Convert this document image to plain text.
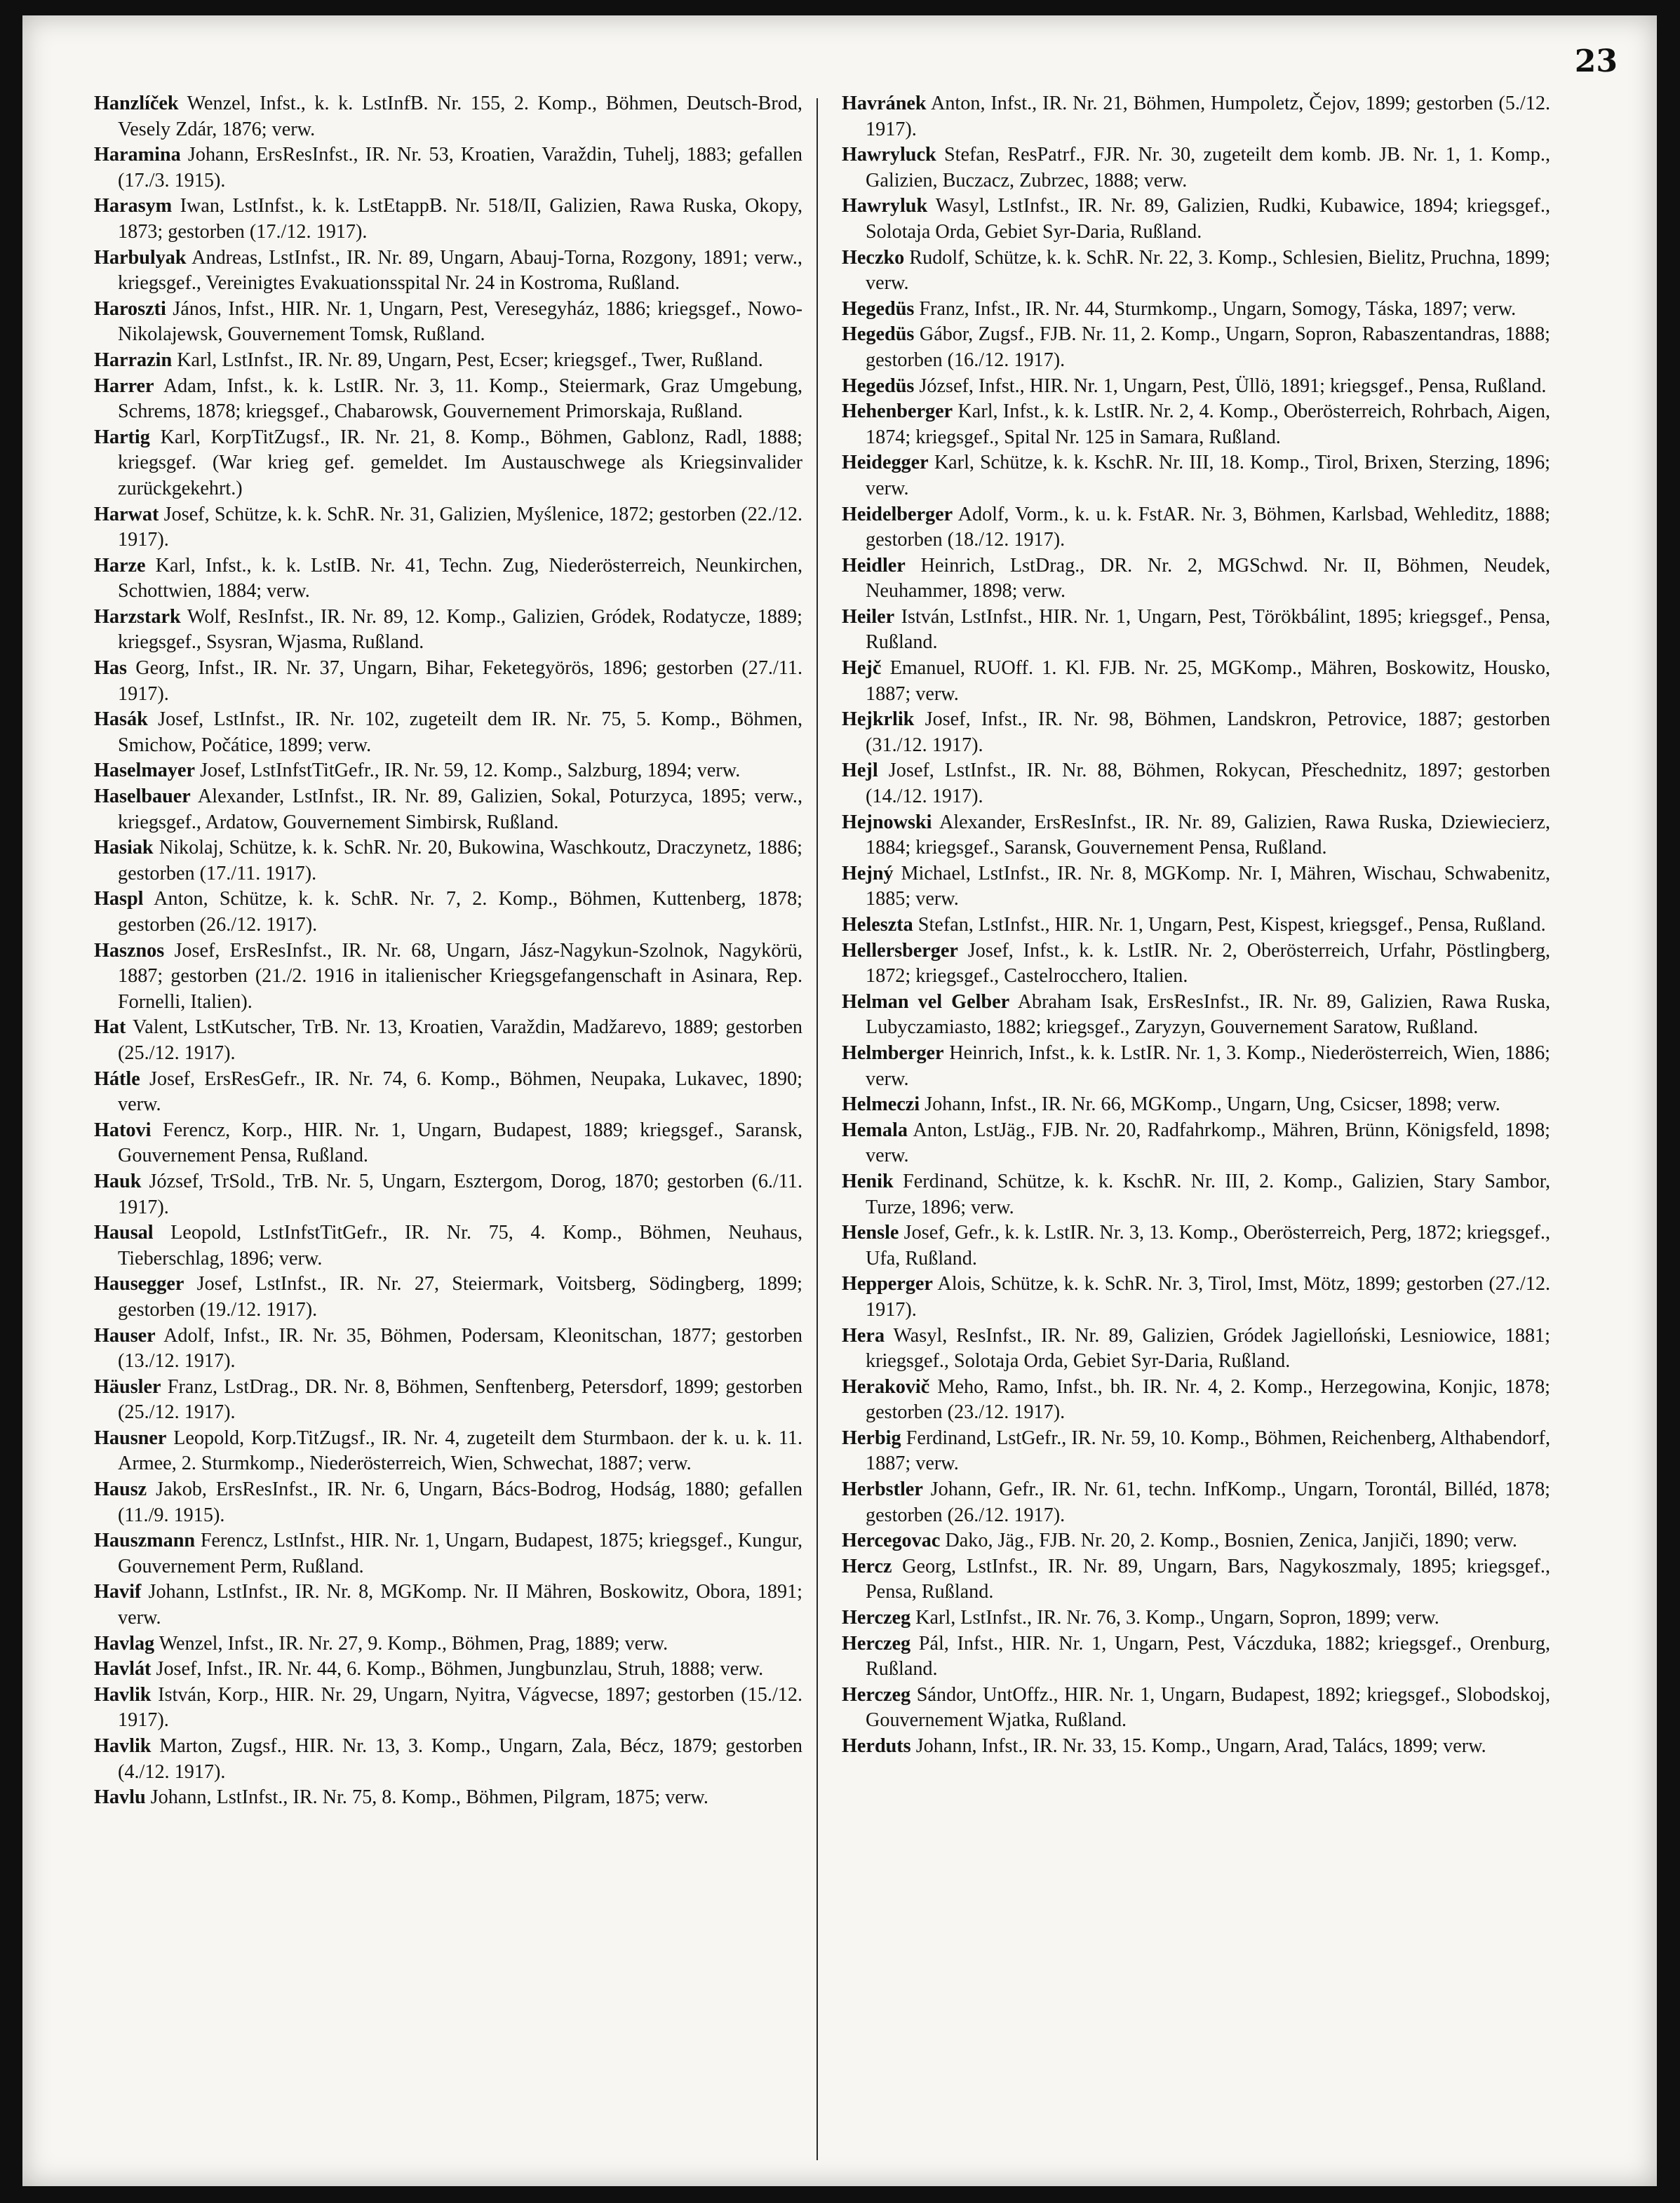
23

Hanzlíček Wenzel, Infst., k. k. LstInfB. Nr. 155, 2. Komp., Böhmen, Deutsch-Brod, Vesely Zdár, 1876; verw.

Haramina Johann, ErsResInfst., IR. Nr. 53, Kroatien, Varaždin, Tuhelj, 1883; gefallen (17./3. 1915).

Harasym Iwan, LstInfst., k. k. LstEtappB. Nr. 518/II, Galizien, Rawa Ruska, Okopy, 1873; gestorben (17./12. 1917).

Harbulyak Andreas, LstInfst., IR. Nr. 89, Ungarn, Abauj-Torna, Rozgony, 1891; verw., kriegsgef., Vereinigtes Evakuationsspital Nr. 24 in Kostroma, Rußland.

Haroszti János, Infst., HIR. Nr. 1, Ungarn, Pest, Veresegyház, 1886; kriegsgef., Nowo-Nikolajewsk, Gouvernement Tomsk, Rußland.

Harrazin Karl, LstInfst., IR. Nr. 89, Ungarn, Pest, Ecser; kriegsgef., Twer, Rußland.

Harrer Adam, Infst., k. k. LstIR. Nr. 3, 11. Komp., Steiermark, Graz Umgebung, Schrems, 1878; kriegsgef., Chabarowsk, Gouvernement Primorskaja, Rußland.

Hartig Karl, KorpTitZugsf., IR. Nr. 21, 8. Komp., Böhmen, Gablonz, Radl, 1888; kriegsgef. (War krieg gef. gemeldet. Im Austauschwege als Kriegsinvalider zurückgekehrt.)

Harwat Josef, Schütze, k. k. SchR. Nr. 31, Galizien, Myślenice, 1872; gestorben (22./12. 1917).

Harze Karl, Infst., k. k. LstIB. Nr. 41, Techn. Zug, Niederösterreich, Neunkirchen, Schottwien, 1884; verw.

Harzstark Wolf, ResInfst., IR. Nr. 89, 12. Komp., Galizien, Gródek, Rodatycze, 1889; kriegsgef., Ssysran, Wjasma, Rußland.

Has Georg, Infst., IR. Nr. 37, Ungarn, Bihar, Feketegyörös, 1896; gestorben (27./11. 1917).

Hasák Josef, LstInfst., IR. Nr. 102, zugeteilt dem IR. Nr. 75, 5. Komp., Böhmen, Smichow, Počátice, 1899; verw.

Haselmayer Josef, LstInfstTitGefr., IR. Nr. 59, 12. Komp., Salzburg, 1894; verw.

Haselbauer Alexander, LstInfst., IR. Nr. 89, Galizien, Sokal, Poturzyca, 1895; verw., kriegsgef., Ardatow, Gouvernement Simbirsk, Rußland.

Hasiak Nikolaj, Schütze, k. k. SchR. Nr. 20, Bukowina, Waschkoutz, Draczynetz, 1886; gestorben (17./11. 1917).

Haspl Anton, Schütze, k. k. SchR. Nr. 7, 2. Komp., Böhmen, Kuttenberg, 1878; gestorben (26./12. 1917).

Hasznos Josef, ErsResInfst., IR. Nr. 68, Ungarn, Jász-Nagykun-Szolnok, Nagykörü, 1887; gestorben (21./2. 1916 in italienischer Kriegsgefangenschaft in Asinara, Rep. Fornelli, Italien).

Hat Valent, LstKutscher, TrB. Nr. 13, Kroatien, Varaždin, Madžarevo, 1889; gestorben (25./12. 1917).

Hátle Josef, ErsResGefr., IR. Nr. 74, 6. Komp., Böhmen, Neupaka, Lukavec, 1890; verw.

Hatovi Ferencz, Korp., HIR. Nr. 1, Ungarn, Budapest, 1889; kriegsgef., Saransk, Gouvernement Pensa, Rußland.

Hauk József, TrSold., TrB. Nr. 5, Ungarn, Esztergom, Dorog, 1870; gestorben (6./11. 1917).

Hausal Leopold, LstInfstTitGefr., IR. Nr. 75, 4. Komp., Böhmen, Neuhaus, Tieberschlag, 1896; verw.

Hausegger Josef, LstInfst., IR. Nr. 27, Steiermark, Voitsberg, Södingberg, 1899; gestorben (19./12. 1917).

Hauser Adolf, Infst., IR. Nr. 35, Böhmen, Podersam, Kleonitschan, 1877; gestorben (13./12. 1917).

Häusler Franz, LstDrag., DR. Nr. 8, Böhmen, Senftenberg, Petersdorf, 1899; gestorben (25./12. 1917).

Hausner Leopold, Korp.TitZugsf., IR. Nr. 4, zugeteilt dem Sturmbaon. der k. u. k. 11. Armee, 2. Sturmkomp., Niederösterreich, Wien, Schwechat, 1887; verw.

Hausz Jakob, ErsResInfst., IR. Nr. 6, Ungarn, Bács-Bodrog, Hodság, 1880; gefallen (11./9. 1915).

Hauszmann Ferencz, LstInfst., HIR. Nr. 1, Ungarn, Budapest, 1875; kriegsgef., Kungur, Gouvernement Perm, Rußland.

Havif Johann, LstInfst., IR. Nr. 8, MGKomp. Nr. II Mähren, Boskowitz, Obora, 1891; verw.

Havlag Wenzel, Infst., IR. Nr. 27, 9. Komp., Böhmen, Prag, 1889; verw.

Havlát Josef, Infst., IR. Nr. 44, 6. Komp., Böhmen, Jungbunzlau, Struh, 1888; verw.

Havlik István, Korp., HIR. Nr. 29, Ungarn, Nyitra, Vágvecse, 1897; gestorben (15./12. 1917).

Havlik Marton, Zugsf., HIR. Nr. 13, 3. Komp., Ungarn, Zala, Bécz, 1879; gestorben (4./12. 1917).

Havlu Johann, LstInfst., IR. Nr. 75, 8. Komp., Böhmen, Pilgram, 1875; verw.

Havránek Anton, Infst., IR. Nr. 21, Böhmen, Humpoletz, Čejov, 1899; gestorben (5./12. 1917).

Hawryluck Stefan, ResPatrf., FJR. Nr. 30, zugeteilt dem komb. JB. Nr. 1, 1. Komp., Galizien, Buczacz, Zubrzec, 1888; verw.

Hawryluk Wasyl, LstInfst., IR. Nr. 89, Galizien, Rudki, Kubawice, 1894; kriegsgef., Solotaja Orda, Gebiet Syr-Daria, Rußland.

Heczko Rudolf, Schütze, k. k. SchR. Nr. 22, 3. Komp., Schlesien, Bielitz, Pruchna, 1899; verw.

Hegedüs Franz, Infst., IR. Nr. 44, Sturmkomp., Ungarn, Somogy, Táska, 1897; verw.

Hegedüs Gábor, Zugsf., FJB. Nr. 11, 2. Komp., Ungarn, Sopron, Rabaszentandras, 1888; gestorben (16./12. 1917).

Hegedüs József, Infst., HIR. Nr. 1, Ungarn, Pest, Üllö, 1891; kriegsgef., Pensa, Rußland.

Hehenberger Karl, Infst., k. k. LstIR. Nr. 2, 4. Komp., Oberösterreich, Rohrbach, Aigen, 1874; kriegsgef., Spital Nr. 125 in Samara, Rußland.

Heidegger Karl, Schütze, k. k. KschR. Nr. III, 18. Komp., Tirol, Brixen, Sterzing, 1896; verw.

Heidelberger Adolf, Vorm., k. u. k. FstAR. Nr. 3, Böhmen, Karlsbad, Wehleditz, 1888; gestorben (18./12. 1917).

Heidler Heinrich, LstDrag., DR. Nr. 2, MGSchwd. Nr. II, Böhmen, Neudek, Neuhammer, 1898; verw.

Heiler István, LstInfst., HIR. Nr. 1, Ungarn, Pest, Törökbálint, 1895; kriegsgef., Pensa, Rußland.

Hejč Emanuel, RUOff. 1. Kl. FJB. Nr. 25, MGKomp., Mähren, Boskowitz, Housko, 1887; verw.

Hejkrlik Josef, Infst., IR. Nr. 98, Böhmen, Landskron, Petrovice, 1887; gestorben (31./12. 1917).

Hejl Josef, LstInfst., IR. Nr. 88, Böhmen, Rokycan, Přeschednitz, 1897; gestorben (14./12. 1917).

Hejnowski Alexander, ErsResInfst., IR. Nr. 89, Galizien, Rawa Ruska, Dziewiecierz, 1884; kriegsgef., Saransk, Gouvernement Pensa, Rußland.

Hejný Michael, LstInfst., IR. Nr. 8, MGKomp. Nr. I, Mähren, Wischau, Schwabenitz, 1885; verw.

Heleszta Stefan, LstInfst., HIR. Nr. 1, Ungarn, Pest, Kispest, kriegsgef., Pensa, Rußland.

Hellersberger Josef, Infst., k. k. LstIR. Nr. 2, Oberösterreich, Urfahr, Pöstlingberg, 1872; kriegsgef., Castelrocchero, Italien.

Helman vel Gelber Abraham Isak, ErsResInfst., IR. Nr. 89, Galizien, Rawa Ruska, Lubyczamiasto, 1882; kriegsgef., Zaryzyn, Gouvernement Saratow, Rußland.

Helmberger Heinrich, Infst., k. k. LstIR. Nr. 1, 3. Komp., Niederösterreich, Wien, 1886; verw.

Helmeczi Johann, Infst., IR. Nr. 66, MGKomp., Ungarn, Ung, Csicser, 1898; verw.

Hemala Anton, LstJäg., FJB. Nr. 20, Radfahrkomp., Mähren, Brünn, Königsfeld, 1898; verw.

Henik Ferdinand, Schütze, k. k. KschR. Nr. III, 2. Komp., Galizien, Stary Sambor, Turze, 1896; verw.

Hensle Josef, Gefr., k. k. LstIR. Nr. 3, 13. Komp., Oberösterreich, Perg, 1872; kriegsgef., Ufa, Rußland.

Hepperger Alois, Schütze, k. k. SchR. Nr. 3, Tirol, Imst, Mötz, 1899; gestorben (27./12. 1917).

Hera Wasyl, ResInfst., IR. Nr. 89, Galizien, Gródek Jagielloński, Lesniowice, 1881; kriegsgef., Solotaja Orda, Gebiet Syr-Daria, Rußland.

Herakovič Meho, Ramo, Infst., bh. IR. Nr. 4, 2. Komp., Herzegowina, Konjic, 1878; gestorben (23./12. 1917).

Herbig Ferdinand, LstGefr., IR. Nr. 59, 10. Komp., Böhmen, Reichenberg, Althabendorf, 1887; verw.

Herbstler Johann, Gefr., IR. Nr. 61, techn. InfKomp., Ungarn, Torontál, Billéd, 1878; gestorben (26./12. 1917).

Hercegovac Dako, Jäg., FJB. Nr. 20, 2. Komp., Bosnien, Zenica, Janjiči, 1890; verw.

Hercz Georg, LstInfst., IR. Nr. 89, Ungarn, Bars, Nagykoszmaly, 1895; kriegsgef., Pensa, Rußland.

Herczeg Karl, LstInfst., IR. Nr. 76, 3. Komp., Ungarn, Sopron, 1899; verw.

Herczeg Pál, Infst., HIR. Nr. 1, Ungarn, Pest, Váczduka, 1882; kriegsgef., Orenburg, Rußland.

Herczeg Sándor, UntOffz., HIR. Nr. 1, Ungarn, Budapest, 1892; kriegsgef., Slobodskoj, Gouvernement Wjatka, Rußland.

Herduts Johann, Infst., IR. Nr. 33, 15. Komp., Ungarn, Arad, Talács, 1899; verw.
